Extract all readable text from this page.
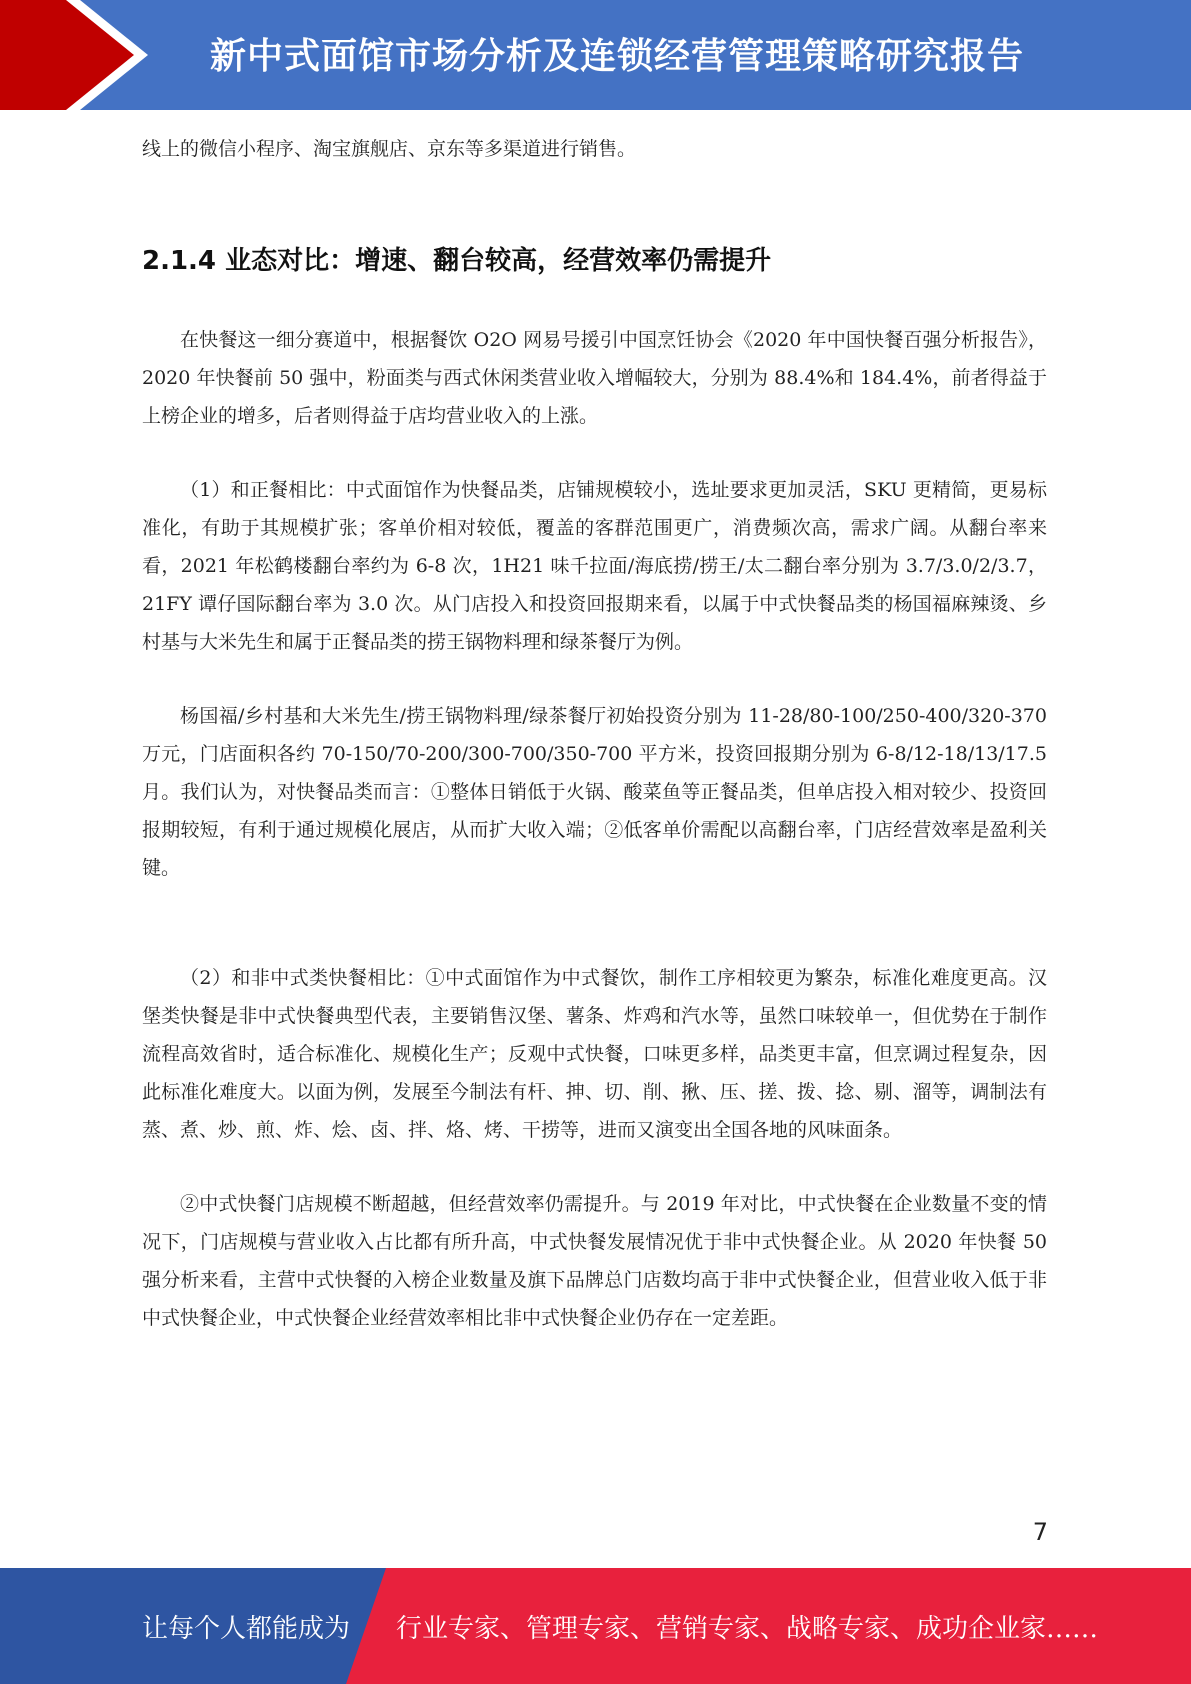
新中式面馆市场分析及连锁经营管理策略研究报告

线上的微信小程序、淘宝旗舰店、京东等多渠道进行销售。

2.1.4 业态对比：增速、翻台较高，经营效率仍需提升

在快餐这一细分赛道中，根据餐饮 O2O 网易号援引中国烹饪协会《2020 年中国快餐百强分析报告》，2020 年快餐前 50 强中，粉面类与西式休闲类营业收入增幅较大，分别为 88.4%和 184.4%，前者得益于上榜企业的增多，后者则得益于店均营业收入的上涨。

（1）和正餐相比：中式面馆作为快餐品类，店铺规模较小，选址要求更加灵活，SKU 更精简，更易标准化，有助于其规模扩张；客单价相对较低，覆盖的客群范围更广，消费频次高，需求广阔。从翻台率来看，2021 年松鹤楼翻台率约为 6-8 次，1H21 味千拉面/海底捞/捞王/太二翻台率分别为 3.7/3.0/2/3.7，21FY 谭仔国际翻台率为 3.0 次。从门店投入和投资回报期来看，以属于中式快餐品类的杨国福麻辣烫、乡村基与大米先生和属于正餐品类的捞王锅物料理和绿茶餐厅为例。

杨国福/乡村基和大米先生/捞王锅物料理/绿茶餐厅初始投资分别为 11-28/80-100/250-400/320-370 万元，门店面积各约 70-150/70-200/300-700/350-700 平方米，投资回报期分别为 6-8/12-18/13/17.5 月。我们认为，对快餐品类而言：①整体日销低于火锅、酸菜鱼等正餐品类，但单店投入相对较少、投资回报期较短，有利于通过规模化展店，从而扩大收入端；②低客单价需配以高翻台率，门店经营效率是盈利关键。

（2）和非中式类快餐相比：①中式面馆作为中式餐饮，制作工序相较更为繁杂，标准化难度更高。汉堡类快餐是非中式快餐典型代表，主要销售汉堡、薯条、炸鸡和汽水等，虽然口味较单一，但优势在于制作流程高效省时，适合标准化、规模化生产；反观中式快餐，口味更多样，品类更丰富，但烹调过程复杂，因此标准化难度大。以面为例，发展至今制法有杆、抻、切、削、揪、压、搓、拨、捻、剔、溜等，调制法有蒸、煮、炒、煎、炸、烩、卤、拌、烙、烤、干捞等，进而又演变出全国各地的风味面条。

②中式快餐门店规模不断超越，但经营效率仍需提升。与 2019 年对比，中式快餐在企业数量不变的情况下，门店规模与营业收入占比都有所升高，中式快餐发展情况优于非中式快餐企业。从 2020 年快餐 50 强分析来看，主营中式快餐的入榜企业数量及旗下品牌总门店数均高于非中式快餐企业，但营业收入低于非中式快餐企业，中式快餐企业经营效率相比非中式快餐企业仍存在一定差距。

7
让每个人都能成为 行业专家、管理专家、营销专家、战略专家、成功企业家……
